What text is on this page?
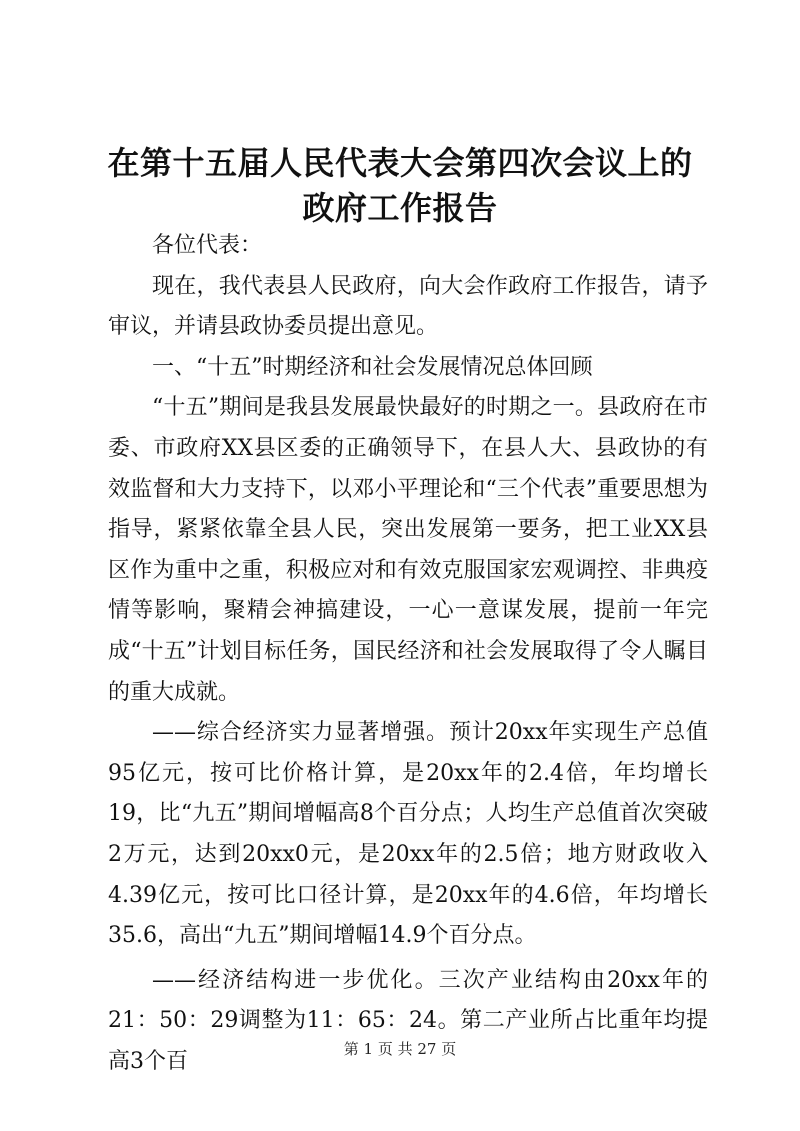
在第十五届人民代表大会第四次会议上的政府工作报告

各位代表：

现在，我代表县人民政府，向大会作政府工作报告，请予审议，并请县政协委员提出意见。

一、“十五”时期经济和社会发展情况总体回顾

“十五”期间是我县发展最快最好的时期之一。县政府在市委、市政府XX县区委的正确领导下，在县人大、县政协的有效监督和大力支持下，以邓小平理论和“三个代表”重要思想为指导，紧紧依靠全县人民，突出发展第一要务，把工业XX县区作为重中之重，积极应对和有效克服国家宏观调控、非典疫情等影响，聚精会神搞建设，一心一意谋发展，提前一年完成“十五”计划目标任务，国民经济和社会发展取得了令人瞩目的重大成就。

——综合经济实力显著增强。预计20xx年实现生产总值95亿元，按可比价格计算，是20xx年的2.4倍，年均增长19，比“九五”期间增幅高8个百分点；人均生产总值首次突破2万元，达到20xx0元，是20xx年的2.5倍；地方财政收入4.39亿元，按可比口径计算，是20xx年的4.6倍，年均增长35.6，高出“九五”期间增幅14.9个百分点。

——经济结构进一步优化。三次产业结构由20xx年的21：50：29调整为11：65：24。第二产业所占比重年均提高3个百	第 1 页 共 27 页
